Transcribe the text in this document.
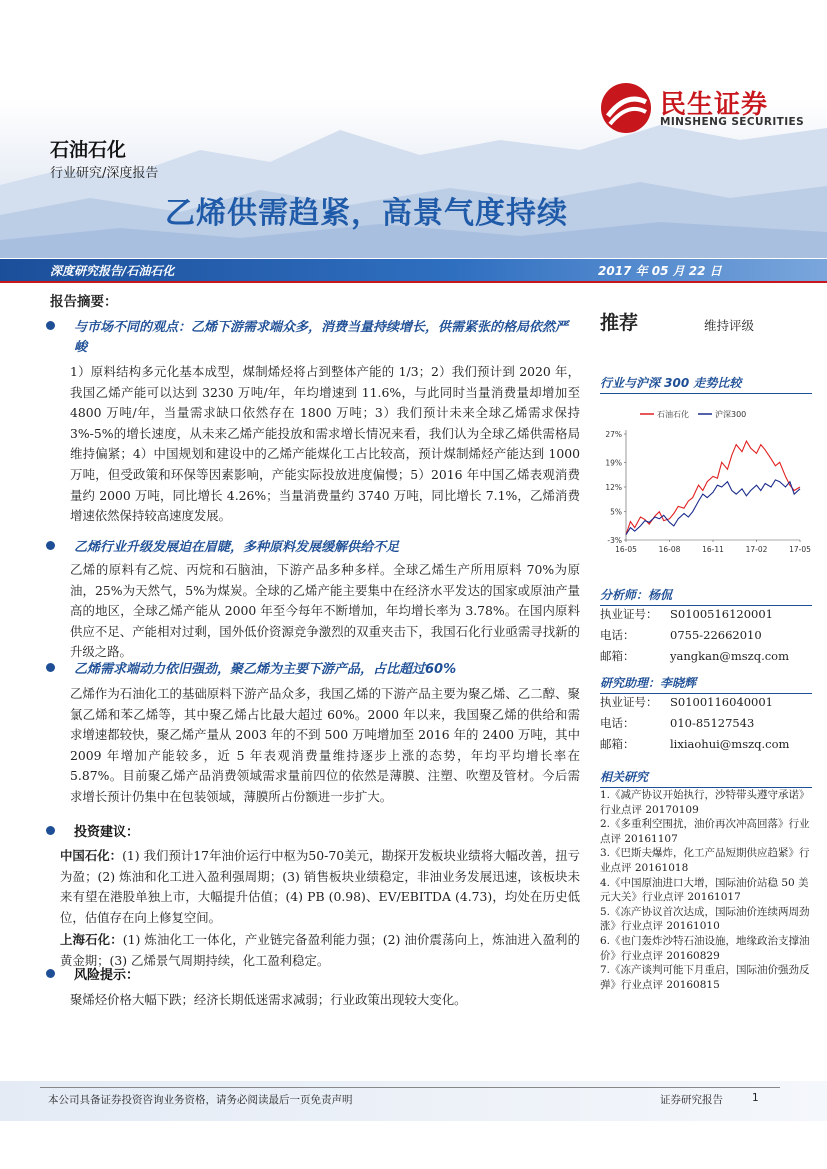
民生证券
MINSHENG SECURITIES
石油石化
行业研究/深度报告
乙烯供需趋紧，高景气度持续
深度研究报告/石油石化	2017 年 05 月 22 日
报告摘要：
与市场不同的观点：乙烯下游需求端众多，消费当量持续增长，供需紧张的格局依然严峻
1）原料结构多元化基本成型，煤制烯烃将占到整体产能的 1/3；2）我们预计到 2020 年，我国乙烯产能可以达到 3230 万吨/年，年均增速到 11.6%，与此同时当量消费量却增加至 4800 万吨/年，当量需求缺口依然存在 1800 万吨；3）我们预计未来全球乙烯需求保持 3%-5%的增长速度，从未来乙烯产能投放和需求增长情况来看，我们认为全球乙烯供需格局维持偏紧；4）中国规划和建设中的乙烯产能煤化工占比较高，预计煤制烯烃产能达到 1000 万吨，但受政策和环保等因素影响，产能实际投放进度偏慢；5）2016 年中国乙烯表观消费量约 2000 万吨，同比增长 4.26%；当量消费量约 3740 万吨，同比增长 7.1%，乙烯消费增速依然保持较高速度发展。
乙烯行业升级发展迫在眉睫，多种原料发展缓解供给不足
乙烯的原料有乙烷、丙烷和石脑油，下游产品多种多样。全球乙烯生产所用原料 70%为原油，25%为天然气，5%为煤炭。全球的乙烯产能主要集中在经济水平发达的国家或原油产量高的地区，全球乙烯产能从 2000 年至今每年不断增加，年均增长率为 3.78%。在国内原料供应不足、产能相对过剩，国外低价资源竞争激烈的双重夹击下，我国石化行业亟需寻找新的升级之路。
乙烯需求端动力依旧强劲，聚乙烯为主要下游产品，占比超过60%
乙烯作为石油化工的基础原料下游产品众多，我国乙烯的下游产品主要为聚乙烯、乙二醇、聚氯乙烯和苯乙烯等，其中聚乙烯占比最大超过 60%。2000 年以来，我国聚乙烯的供给和需求增速都较快，聚乙烯产量从 2003 年的不到 500 万吨增加至 2016 年的 2400 万吨，其中 2009 年增加产能较多，近 5 年表观消费量维持逐步上涨的态势，年均平均增长率在 5.87%。目前聚乙烯产品消费领域需求量前四位的依然是薄膜、注塑、吹塑及管材。今后需求增长预计仍集中在包装领域，薄膜所占份额进一步扩大。
投资建议：
中国石化：(1) 我们预计17年油价运行中枢为50-70美元，勘探开发板块业绩将大幅改善，扭亏为盈；(2) 炼油和化工进入盈利强周期；(3) 销售板块业绩稳定，非油业务发展迅速，该板块未来有望在港股单独上市，大幅提升估值；(4) PB (0.98)、EV/EBITDA (4.73)，均处在历史低位，估值存在向上修复空间。
上海石化：(1) 炼油化工一体化，产业链完备盈利能力强；(2) 油价震荡向上，炼油进入盈利的黄金期；(3) 乙烯景气周期持续，化工盈利稳定。
风险提示：
聚烯烃价格大幅下跌；经济长期低迷需求减弱；行业政策出现较大变化。
推荐	维持评级
行业与沪深 300 走势比较
石油石化	沪深300
27%
19%
12%
5%
-3%
16-05	16-08	16-11	17-02	17-05
分析师：杨侃
执业证号： S0100516120001
电话：	0755-22662010
邮箱：	yangkan@mszq.com
研究助理：李晓辉
执业证号： S0100116040001
电话：	010-85127543
邮箱：	lixiaohui@mszq.com
相关研究
1.《减产协议开始执行，沙特带头遵守承诺》行业点评 20170109
2.《多重利空围扰，油价再次冲高回落》行业点评 20161107
3.《巴斯夫爆炸，化工产品短期供应趋紧》行业点评 20161018
4.《中国原油进口大增，国际油价站稳 50 美元大关》行业点评 20161017
5.《冻产协议首次达成，国际油价连续两周劲涨》行业点评 20161010
6.《也门轰炸沙特石油设施，地缘政治支撑油价》行业点评 20160829
7.《冻产谈判可能下月重启，国际油价强劲反弹》行业点评 20160815
本公司具备证券投资咨询业务资格，请务必阅读最后一页免责声明	证券研究报告	1
